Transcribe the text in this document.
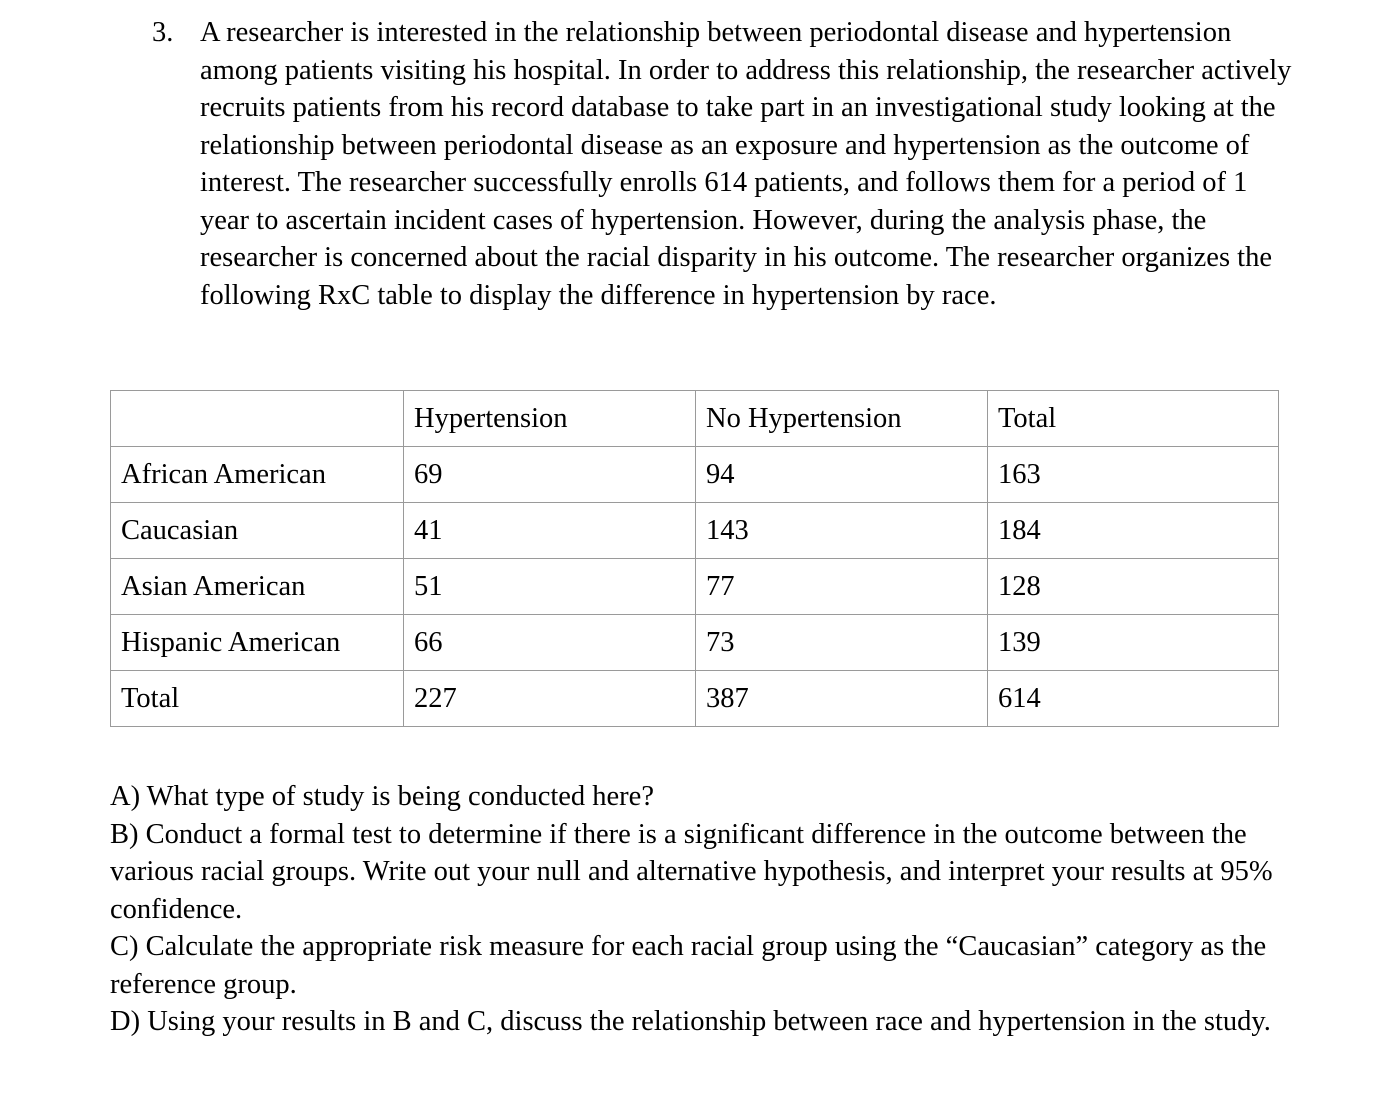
3. A researcher is interested in the relationship between periodontal disease and hypertension among patients visiting his hospital. In order to address this relationship, the researcher actively recruits patients from his record database to take part in an investigational study looking at the relationship between periodontal disease as an exposure and hypertension as the outcome of interest. The researcher successfully enrolls 614 patients, and follows them for a period of 1 year to ascertain incident cases of hypertension. However, during the analysis phase, the researcher is concerned about the racial disparity in his outcome. The researcher organizes the following RxC table to display the difference in hypertension by race.
	Hypertension	No Hypertension	Total
African American	69	94	163
Caucasian	41	143	184
Asian American	51	77	128
Hispanic American	66	73	139
Total	227	387	614

A) What type of study is being conducted here?

B) Conduct a formal test to determine if there is a significant difference in the outcome between the various racial groups. Write out your null and alternative hypothesis, and interpret your results at 95% confidence.

C) Calculate the appropriate risk measure for each racial group using the “Caucasian” category as the reference group.

D) Using your results in B and C, discuss the relationship between race and hypertension in the study.
